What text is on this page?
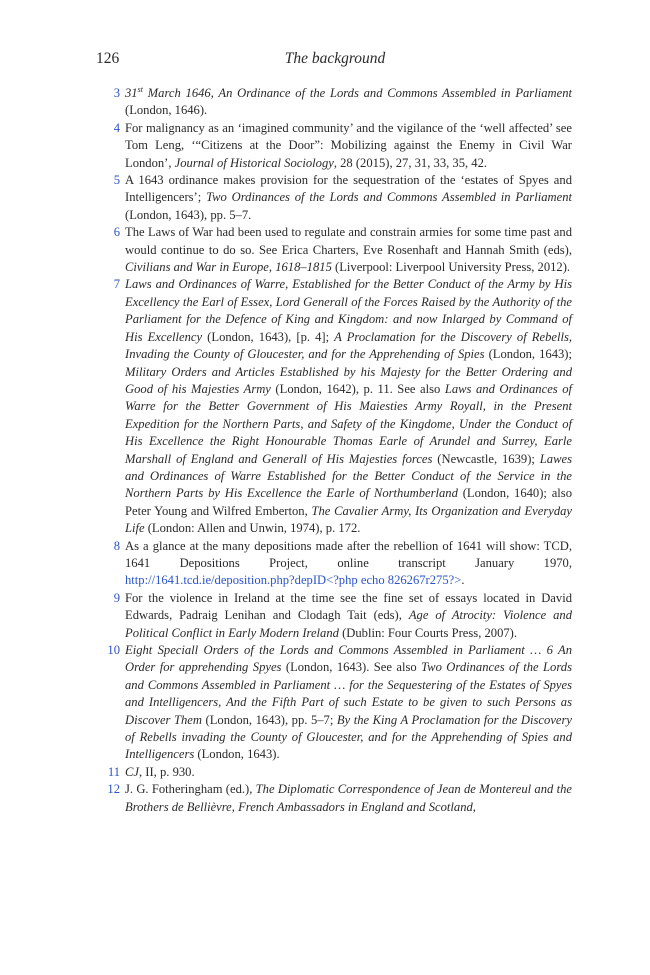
126	The background
3 31st March 1646, An Ordinance of the Lords and Commons Assembled in Parliament (London, 1646).
4 For malignancy as an ‘imagined community’ and the vigilance of the ‘well affected’ see Tom Leng, ‘“Citizens at the Door”: Mobilizing against the Enemy in Civil War London’, Journal of Historical Sociology, 28 (2015), 27, 31, 33, 35, 42.
5 A 1643 ordinance makes provision for the sequestration of the ‘estates of Spyes and Intelligencers’; Two Ordinances of the Lords and Commons Assembled in Parliament (London, 1643), pp. 5–7.
6 The Laws of War had been used to regulate and constrain armies for some time past and would continue to do so. See Erica Charters, Eve Rosenhaft and Hannah Smith (eds), Civilians and War in Europe, 1618–1815 (Liverpool: Liverpool University Press, 2012).
7 Laws and Ordinances of Warre, Established for the Better Conduct of the Army by His Excellency the Earl of Essex, Lord Generall of the Forces Raised by the Authority of the Parliament for the Defence of King and Kingdom: and now Inlarged by Command of His Excellency (London, 1643), [p. 4]; A Proclamation for the Discovery of Rebells, Invading the County of Gloucester, and for the Apprehending of Spies (London, 1643); Military Orders and Articles Established by his Majesty for the Better Ordering and Good of his Majesties Army (London, 1642), p. 11. See also Laws and Ordinances of Warre for the Better Government of His Maiesties Army Royall, in the Present Expedition for the Northern Parts, and Safety of the Kingdome, Under the Conduct of His Excellence the Right Honourable Thomas Earle of Arundel and Surrey, Earle Marshall of England and Generall of His Majesties forces (Newcastle, 1639); Lawes and Ordinances of Warre Established for the Better Conduct of the Service in the Northern Parts by His Excellence the Earle of Northumberland (London, 1640); also Peter Young and Wilfred Emberton, The Cavalier Army, Its Organization and Everyday Life (London: Allen and Unwin, 1974), p. 172.
8 As a glance at the many depositions made after the rebellion of 1641 will show: TCD, 1641 Depositions Project, online transcript January 1970, http://1641.tcd.ie/deposition.php?depID<?php echo 826267r275?>.
9 For the violence in Ireland at the time see the fine set of essays located in David Edwards, Padraig Lenihan and Clodagh Tait (eds), Age of Atrocity: Violence and Political Conflict in Early Modern Ireland (Dublin: Four Courts Press, 2007).
10 Eight Speciall Orders of the Lords and Commons Assembled in Parliament … 6 An Order for apprehending Spyes (London, 1643). See also Two Ordinances of the Lords and Commons Assembled in Parliament … for the Sequestering of the Estates of Spyes and Intelligencers, And the Fifth Part of such Estate to be given to such Persons as Discover Them (London, 1643), pp. 5–7; By the King A Proclamation for the Discovery of Rebells invading the County of Gloucester, and for the Apprehending of Spies and Intelligencers (London, 1643).
11 CJ, II, p. 930.
12 J. G. Fotheringham (ed.), The Diplomatic Correspondence of Jean de Montereul and the Brothers de Bellièvre, French Ambassadors in England and Scotland,
